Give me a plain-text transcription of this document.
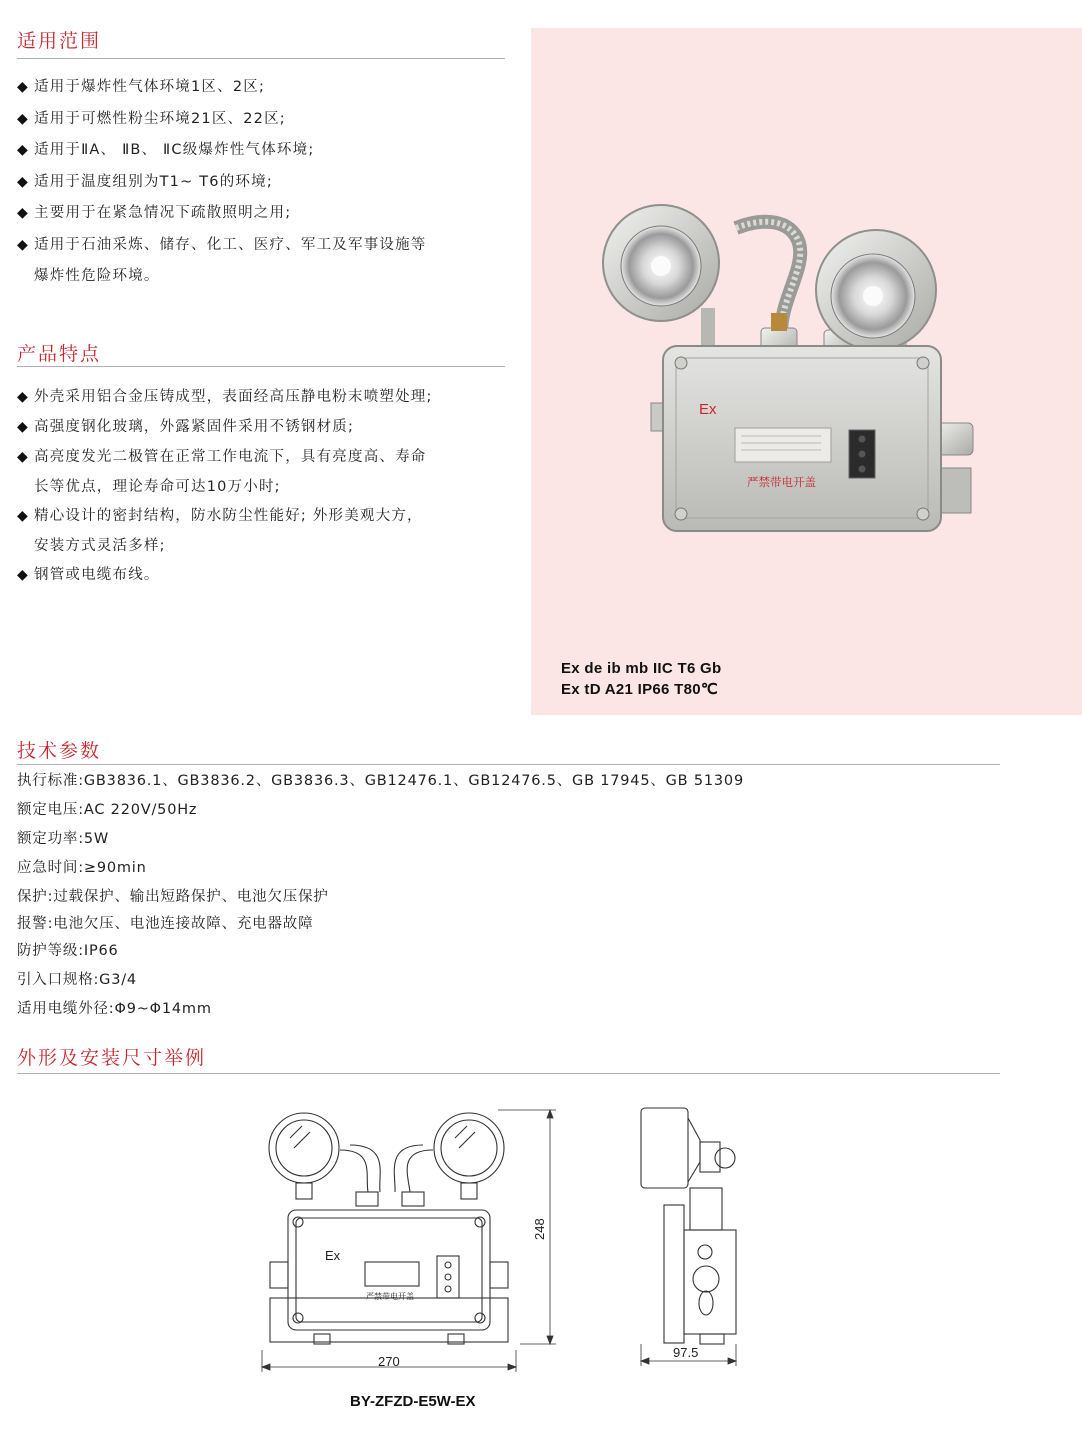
适用范围
◆ 适用于爆炸性气体环境1区、2区;
◆ 适用于可燃性粉尘环境21区、22区;
◆ 适用于ⅡA、 ⅡB、 ⅡC级爆炸性气体环境;
◆ 适用于温度组别为T1~ T6的环境;
◆ 主要用于在紧急情况下疏散照明之用;
◆ 适用于石油采炼、储存、化工、医疗、军工及军事设施等
爆炸性危险环境。
产品特点
◆ 外壳采用铝合金压铸成型，表面经高压静电粉末喷塑处理;
◆ 高强度钢化玻璃，外露紧固件采用不锈钢材质;
◆ 高亮度发光二极管在正常工作电流下，具有亮度高、寿命
长等优点，理论寿命可达10万小时;
◆ 精心设计的密封结构，防水防尘性能好; 外形美观大方，
安装方式灵活多样;
◆ 钢管或电缆布线。
Ex
严禁带电开盖
Ex de ib mb IIC T6 Gb
Ex tD A21 IP66 T80℃
技术参数
执行标准:GB3836.1、GB3836.2、GB3836.3、GB12476.1、GB12476.5、GB 17945、GB 51309
额定电压:AC 220V/50Hz
额定功率:5W
应急时间:≥90min
保护:过载保护、输出短路保护、电池欠压保护
报警:电池欠压、电池连接故障、充电器故障
防护等级:IP66
引入口规格:G3/4
适用电缆外径:Φ9~Φ14mm
外形及安装尺寸举例
Ex
严禁带电开盖
270
248
97.5
BY-ZFZD-E5W-EX
